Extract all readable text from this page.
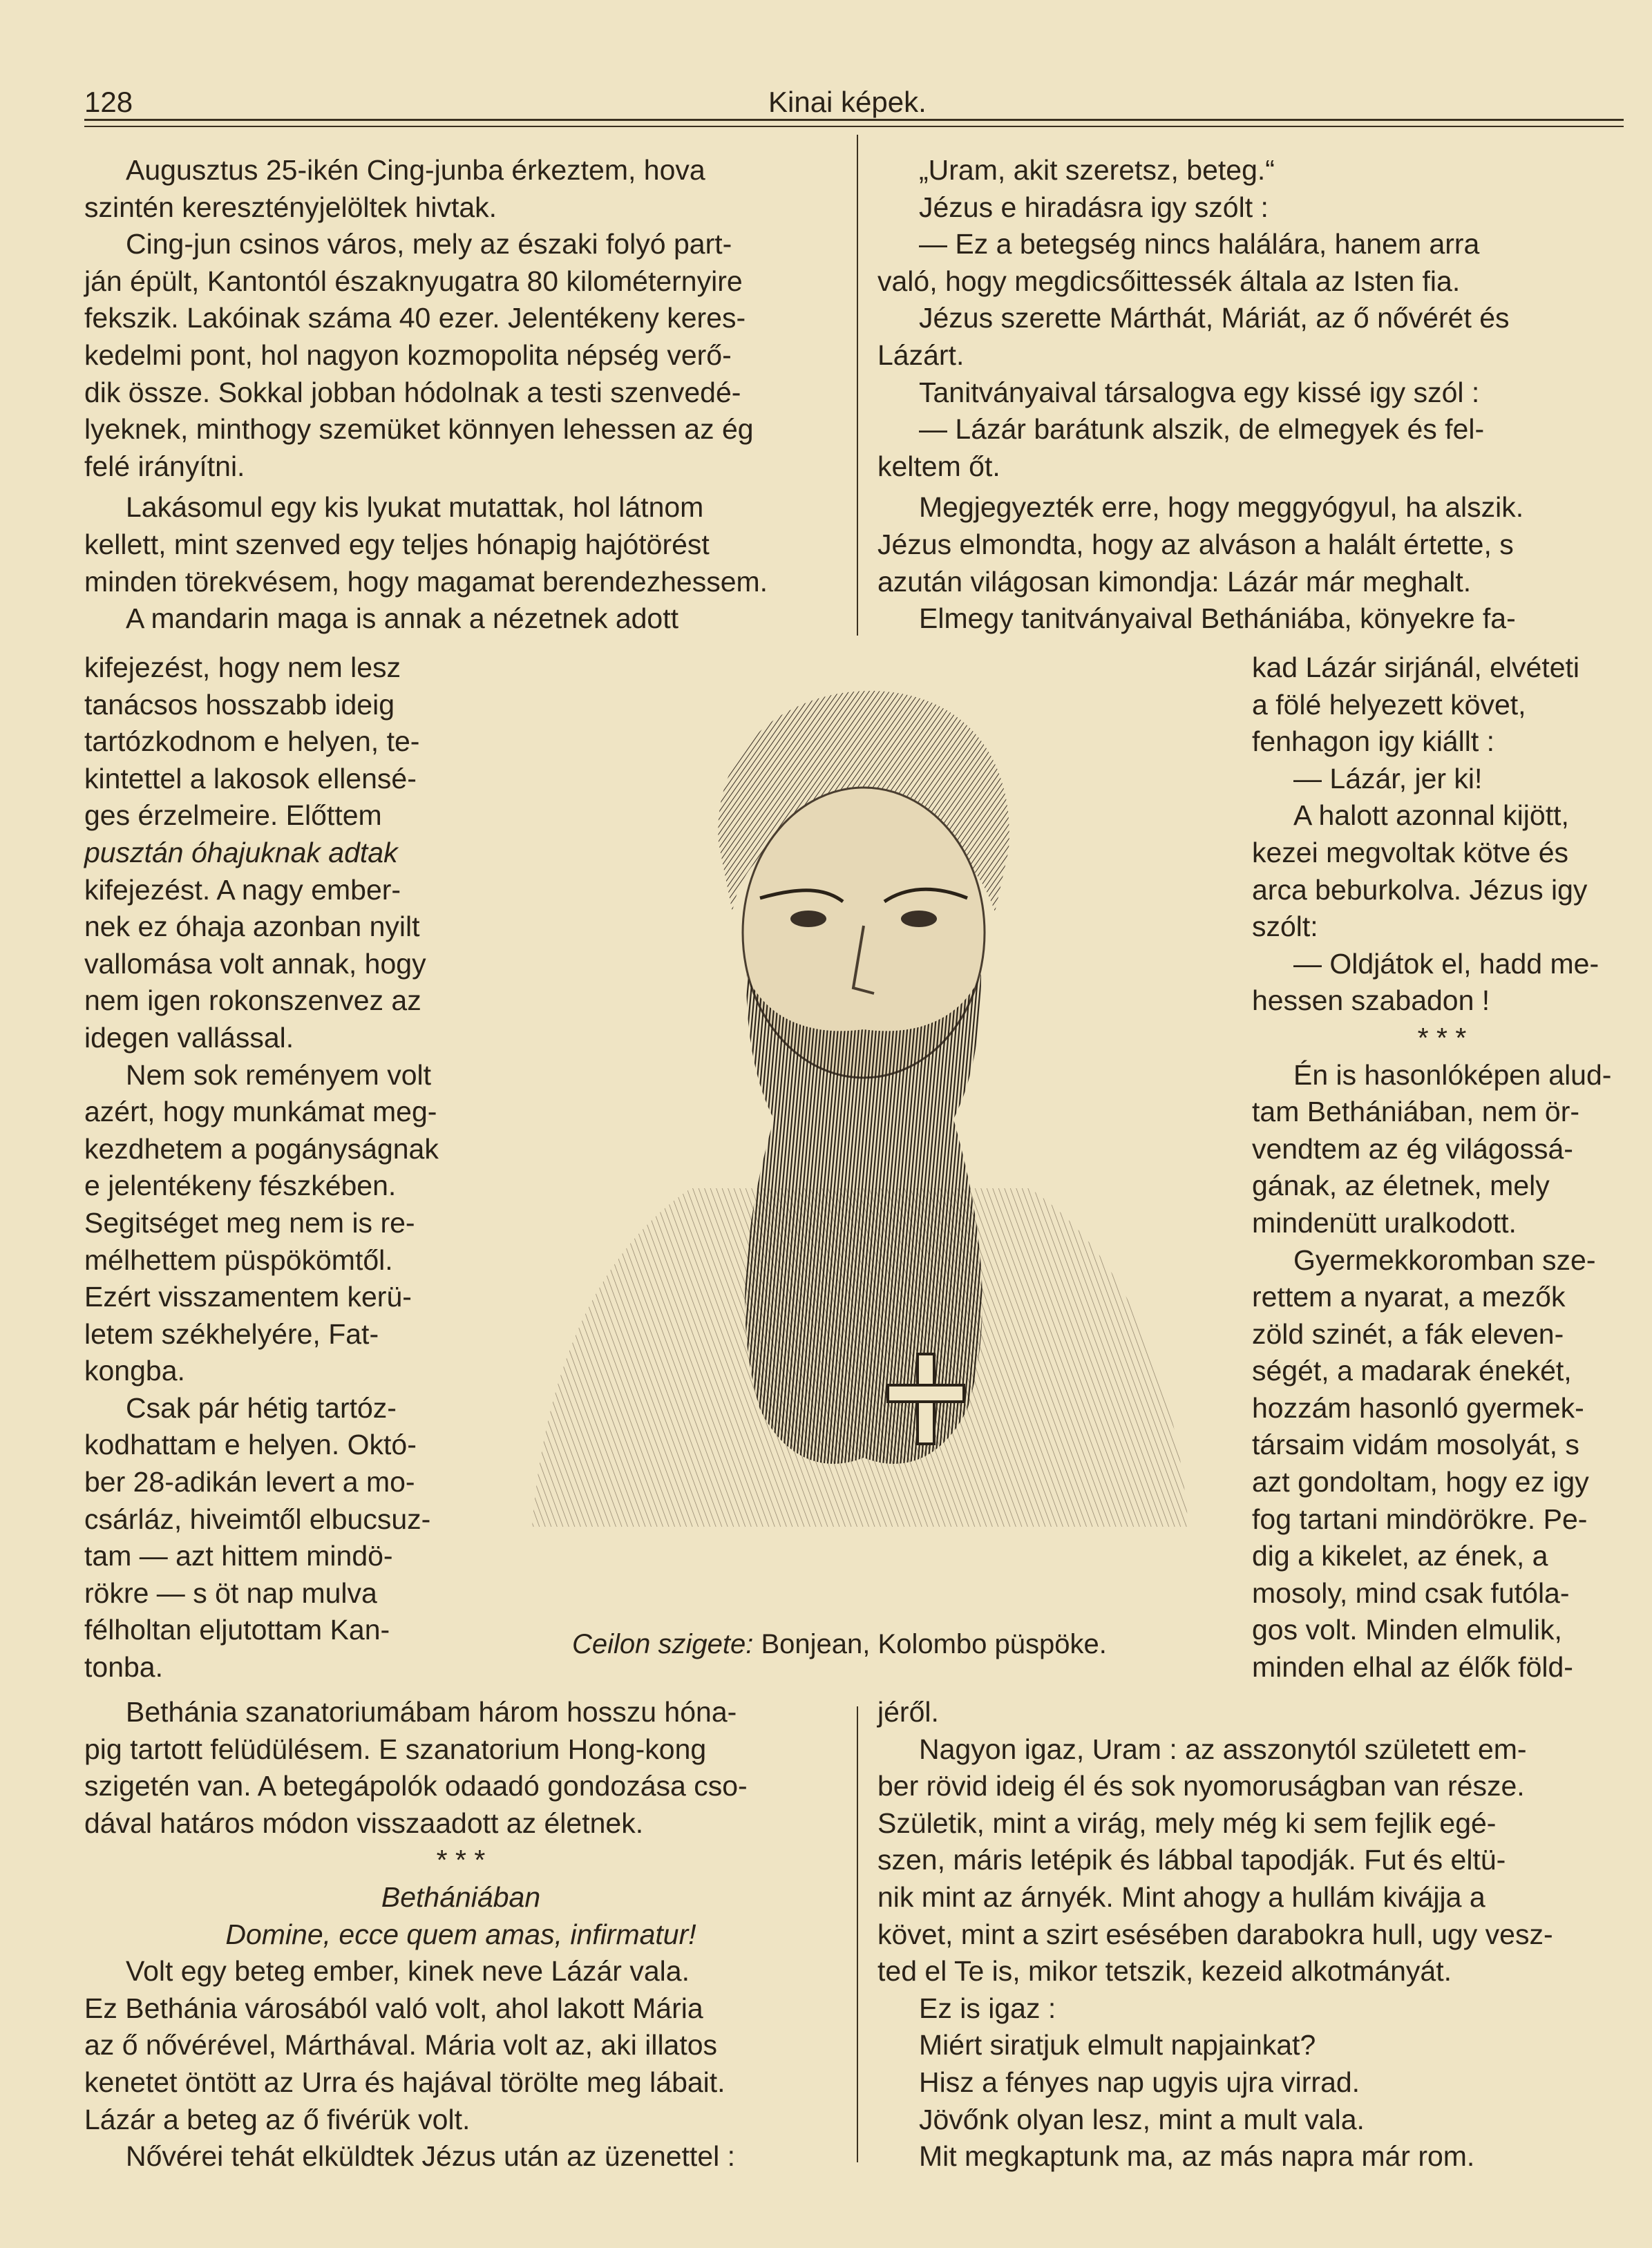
128	Kinai képek.

Augusztus 25-ikén Cing-junba érkeztem, hova

szintén keresztényjelöltek hivtak.

Cing-jun csinos város, mely az északi folyó part-

ján épült, Kantontól északnyugatra 80 kilométernyire

fekszik. Lakóinak száma 40 ezer. Jelentékeny keres-

kedelmi pont, hol nagyon kozmopolita népség verő-

dik össze. Sokkal jobban hódolnak a testi szenvedé-

lyeknek, minthogy szemüket könnyen lehessen az ég

felé irányítni.

Lakásomul egy kis lyukat mutattak, hol látnom

kellett, mint szenved egy teljes hónapig hajótörést

minden törekvésem, hogy magamat berendezhessem.

A mandarin maga is annak a nézetnek adott

kifejezést, hogy nem lesz

tanácsos hosszabb ideig

tartózkodnom e helyen, te-

kintettel a lakosok ellensé-

ges érzelmeire. Előttem

pusztán óhajuknak adtak

kifejezést. A nagy ember-

nek ez óhaja azonban nyilt

vallomása volt annak, hogy

nem igen rokonszenvez az

idegen vallással.

Nem sok reményem volt

azért, hogy munkámat meg-

kezdhetem a pogányságnak

e jelentékeny fészkében.

Segitséget meg nem is re-

mélhettem püspökömtől.

Ezért visszamentem kerü-

letem székhelyére, Fat-

kongba.

Csak pár hétig tartóz-

kodhattam e helyen. Októ-

ber 28-adikán levert a mo-

csárláz, hiveimtől elbucsuz-

tam — azt hittem mindö-

rökre — s öt nap mulva

félholtan eljutottam Kan-

tonba.

Bethánia szanatoriumábam három hosszu hóna-

pig tartott felüdülésem. E szanatorium Hong-kong

szigetén van. A betegápolók odaadó gondozása cso-

dával határos módon visszaadott az életnek.

* * *

Bethániában

Domine, ecce quem amas, infirmatur!

Volt egy beteg ember, kinek neve Lázár vala.

Ez Bethánia városából való volt, ahol lakott Mária

az ő nővérével, Márthával. Mária volt az, aki illatos

kenetet öntött az Urra és hajával törölte meg lábait.

Lázár a beteg az ő fivérük volt.

Nővérei tehát elküldtek Jézus után az üzenettel :

„Uram, akit szeretsz, beteg.“

Jézus e hiradásra igy szólt :

— Ez a betegség nincs halálára, hanem arra

való, hogy megdicsőittessék általa az Isten fia.

Jézus szerette Márthát, Máriát, az ő nővérét és

Lázárt.

Tanitványaival társalogva egy kissé igy szól :

— Lázár barátunk alszik, de elmegyek és fel-

keltem őt.

Megjegyezték erre, hogy meggyógyul, ha alszik.

Jézus elmondta, hogy az alváson a halált értette, s

azután világosan kimondja: Lázár már meghalt.

Elmegy tanitványaival Bethániába, könyekre fa-

kad Lázár sirjánál, elvéteti

a fölé helyezett követ,

fenhagon igy kiállt :

— Lázár, jer ki!

A halott azonnal kijött,

kezei megvoltak kötve és

arca beburkolva. Jézus igy

szólt:

— Oldjátok el, hadd me-

hessen szabadon !

* * *

Én is hasonlóképen alud-

tam Bethániában, nem ör-

vendtem az ég világossá-

gának, az életnek, mely

mindenütt uralkodott.

Gyermekkoromban sze-

rettem a nyarat, a mezők

zöld szinét, a fák eleven-

ségét, a madarak énekét,

hozzám hasonló gyermek-

társaim vidám mosolyát, s

azt gondoltam, hogy ez igy

fog tartani mindörökre. Pe-

dig a kikelet, az ének, a

mosoly, mind csak futóla-

gos volt. Minden elmulik,

minden elhal az élők föld-

jéről.

Nagyon igaz, Uram : az asszonytól született em-

ber rövid ideig él és sok nyomoruságban van része.

Születik, mint a virág, mely még ki sem fejlik egé-

szen, máris letépik és lábbal tapodják. Fut és eltü-

nik mint az árnyék. Mint ahogy a hullám kivájja a

követ, mint a szirt esésében darabokra hull, ugy vesz-

ted el Te is, mikor tetszik, kezeid alkotmányát.

Ez is igaz :

Miért siratjuk elmult napjainkat?

Hisz a fényes nap ugyis ujra virrad.

Jövőnk olyan lesz, mint a mult vala.

Mit megkaptunk ma, az más napra már rom.

Ceilon szigete: Bonjean, Kolombo püspöke.
